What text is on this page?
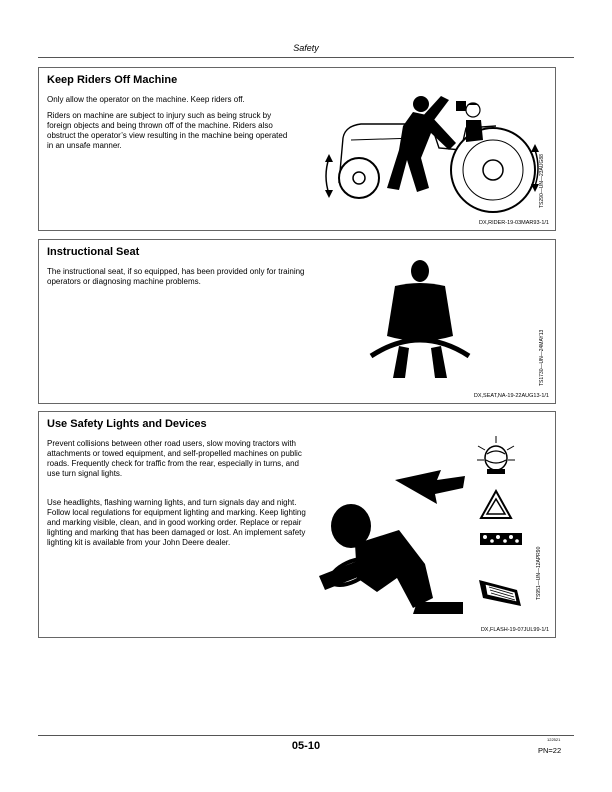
Safety
Keep Riders Off Machine

Only allow the operator on the machine. Keep riders off.

Riders on machine are subject to injury such as being struck by foreign objects and being thrown off of the machine. Riders also obstruct the operator’s view resulting in the machine being operated in an unsafe manner.

TS290—UN—23AUG88
DX,RIDER-19-03MAR93-1/1
Instructional Seat

The instructional seat, if so equipped, has been provided only for training operators or diagnosing machine problems.

TS1730—UN—24MAY13
DX,SEAT,NA-19-22AUG13-1/1
Use Safety Lights and Devices

Prevent collisions between other road users, slow moving tractors with attachments or towed equipment, and self-propelled machines on public roads. Frequently check for traffic from the rear, especially in turns, and use turn signal lights.

Use headlights, flashing warning lights, and turn signals day and night. Follow local regulations for equipment lighting and marking. Keep lighting and marking visible, clean, and in good working order. Replace or repair lighting and marking that has been damaged or lost. An implement safety lighting kit is available from your John Deere dealer.

TS951—UN—12APR90
DX,FLASH-19-07JUL99-1/1
05-10
122521
PN=22
